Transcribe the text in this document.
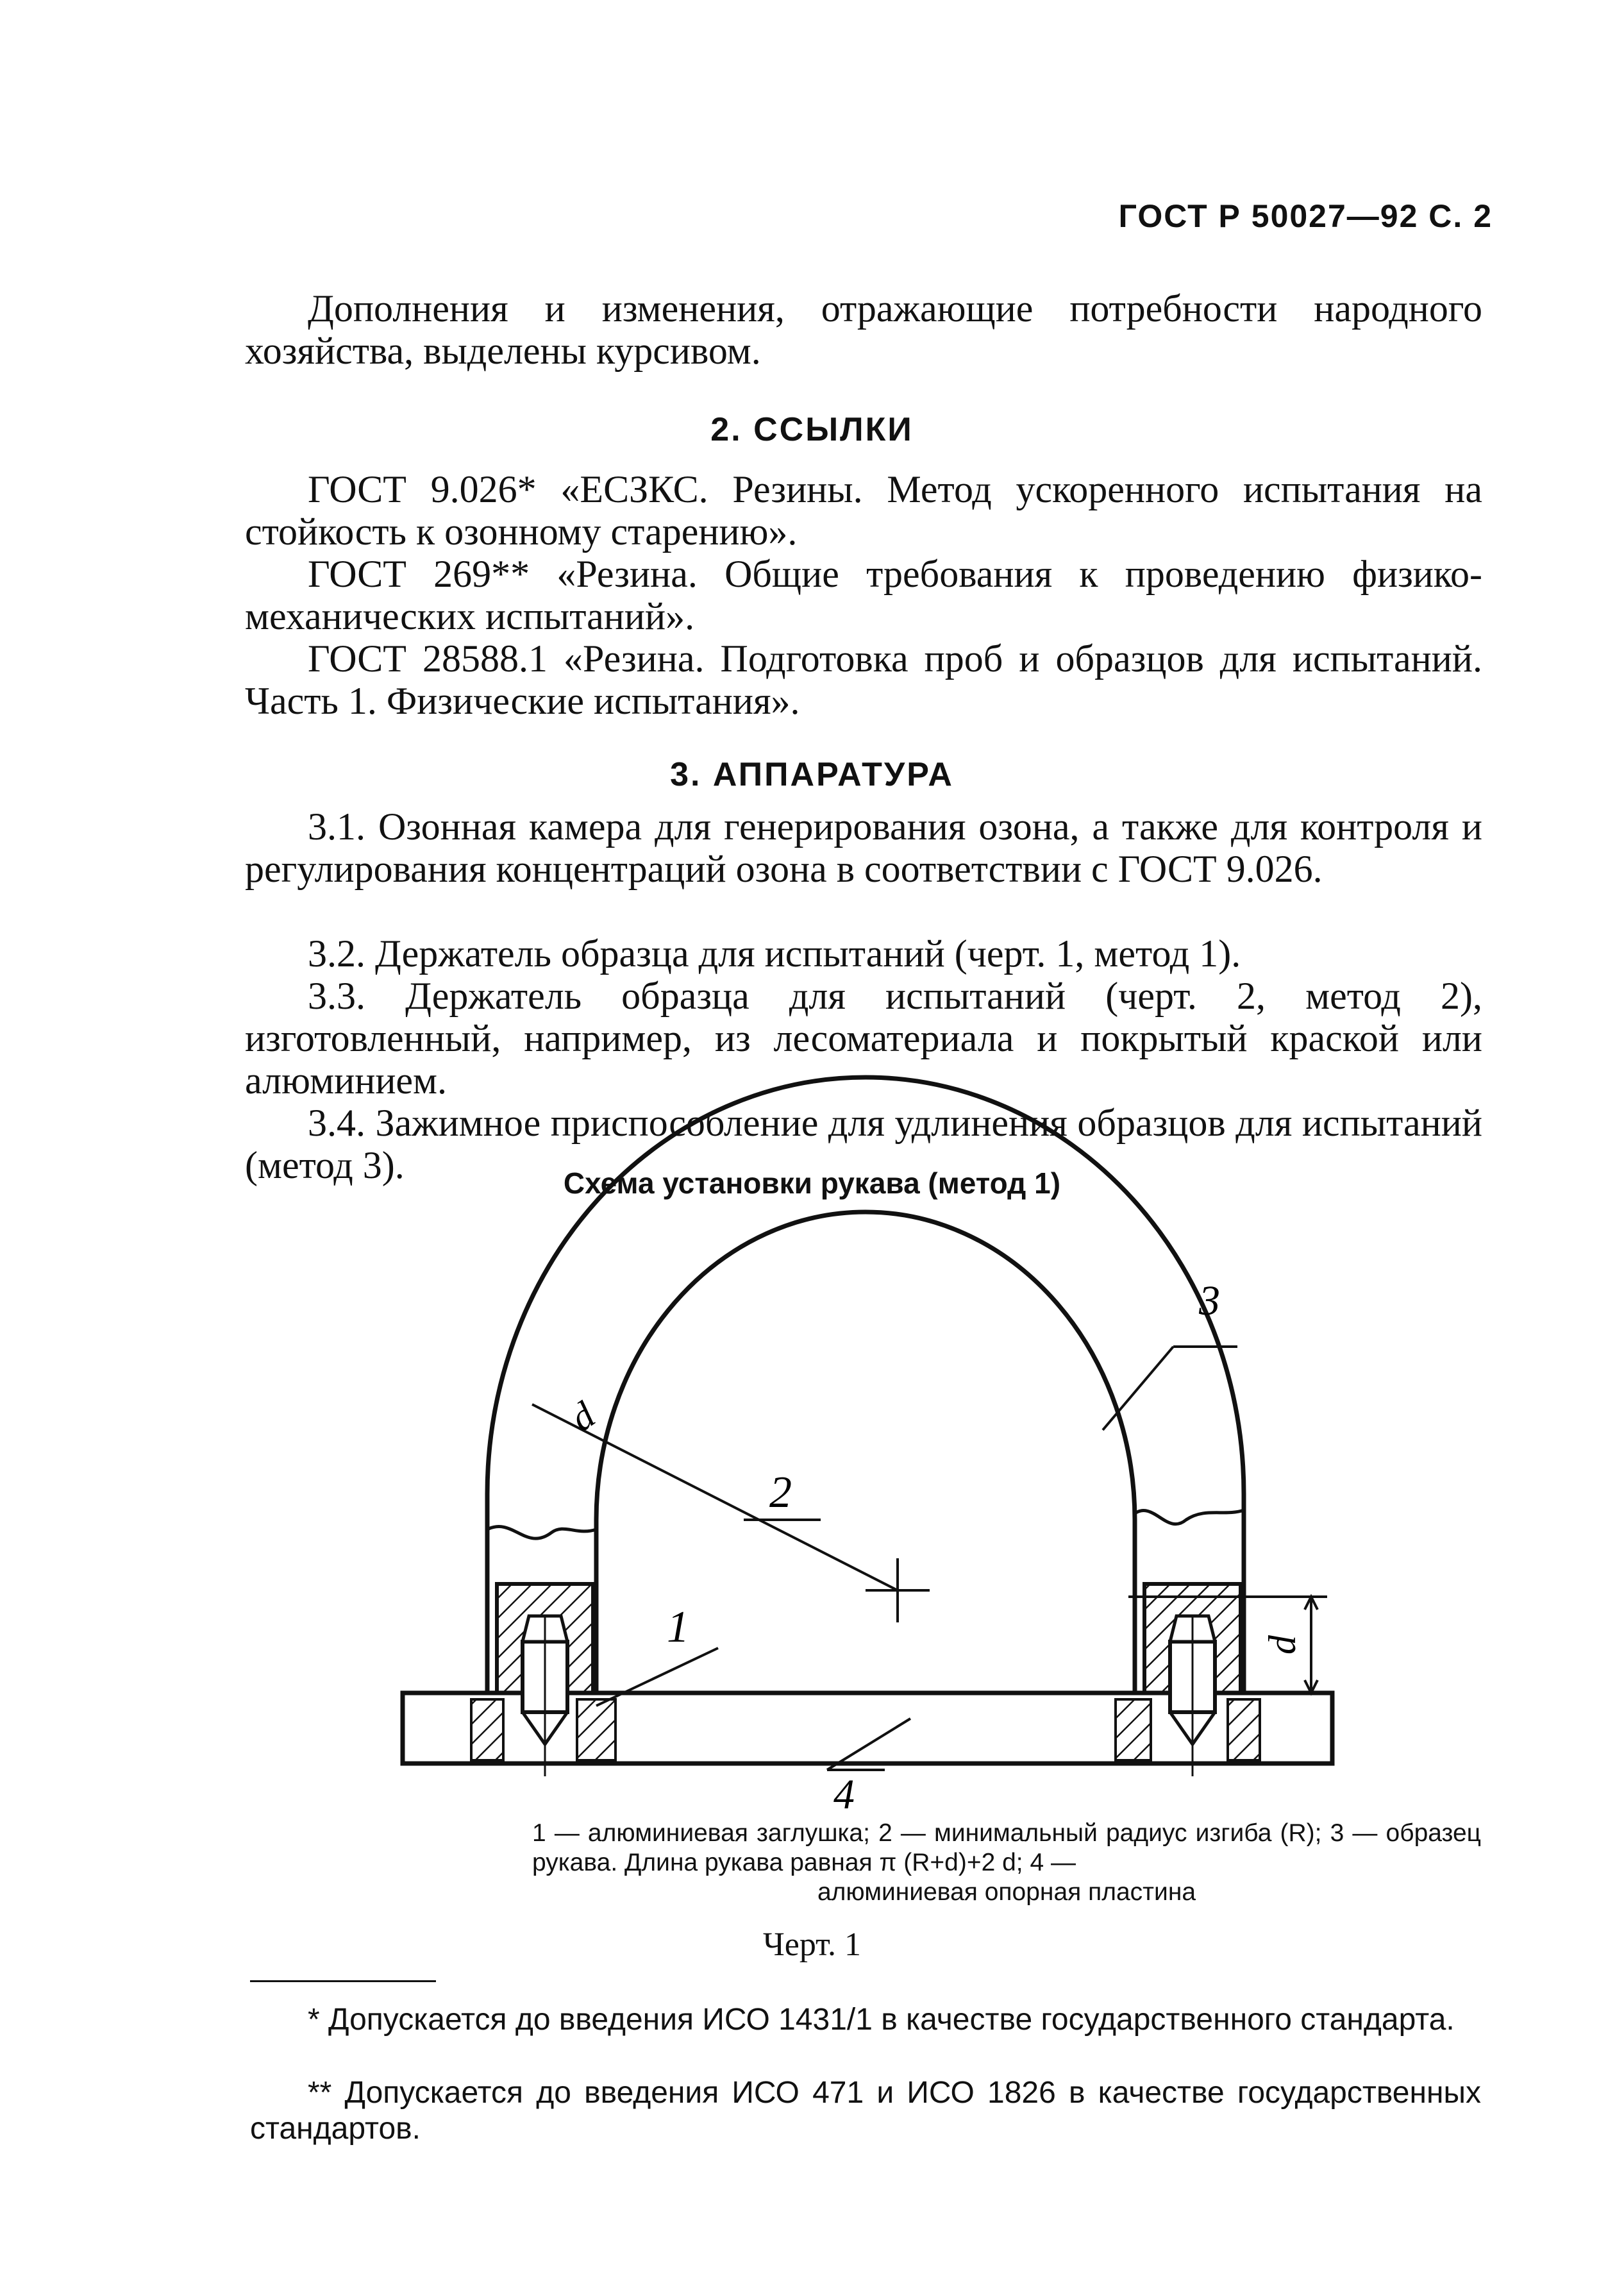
ГОСТ Р 50027—92 С. 2
Дополнения и изменения, отражающие потребности народного хозяйства, выделены курсивом.
2. ССЫЛКИ
ГОСТ 9.026* «ЕСЗКС. Резины. Метод ускоренного испытания на стойкость к озонному старению».
ГОСТ 269** «Резина. Общие требования к проведению физико-механических испытаний».
ГОСТ 28588.1 «Резина. Подготовка проб и образцов для испытаний. Часть 1. Физические испытания».
3. АППАРАТУРА
3.1. Озонная камера для генерирования озона, а также для контроля и регулирования концентраций озона в соответствии с ГОСТ 9.026.
3.2. Держатель образца для испытаний (черт. 1, метод 1).
3.3. Держатель образца для испытаний (черт. 2, метод 2), изготовленный, например, из лесоматериала и покрытый краской или алюминием.
3.4. Зажимное приспособление для удлинения образцов для испытаний (метод 3).	Схема установки рукава (метод 1)
3
2
1
4
d
d
1 — алюминиевая заглушка; 2 — минимальный радиус изгиба (R); 3 — образец рукава. Длина рукава равная π (R+d)+2 d; 4 —
алюминиевая опорная пластина
Черт. 1
* Допускается до введения ИСО 1431/1 в качестве государственного стандарта.
** Допускается до введения ИСО 471 и ИСО 1826 в качестве государственных стандартов.
